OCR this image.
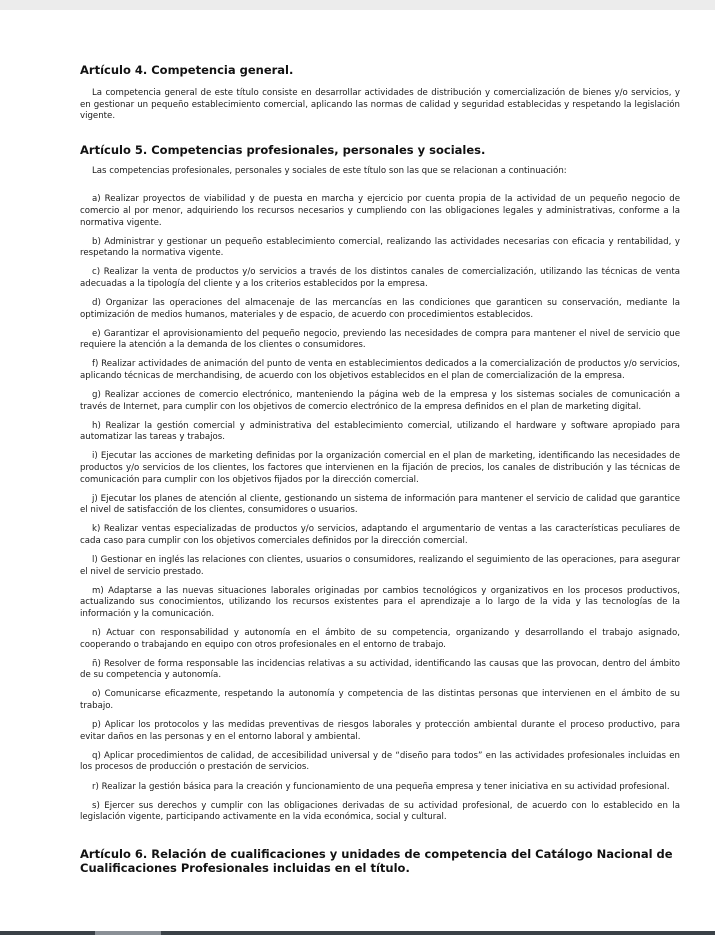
Artículo 4. Competencia general.

La competencia general de este título consiste en desarrollar actividades de distribución y comercialización de bienes y/o servicios, y en gestionar un pequeño establecimiento comercial, aplicando las normas de calidad y seguridad establecidas y respetando la legislación vigente.

Artículo 5. Competencias profesionales, personales y sociales.

Las competencias profesionales, personales y sociales de este título son las que se relacionan a continuación:

a) Realizar proyectos de viabilidad y de puesta en marcha y ejercicio por cuenta propia de la actividad de un pequeño negocio de comercio al por menor, adquiriendo los recursos necesarios y cumpliendo con las obligaciones legales y administrativas, conforme a la normativa vigente.

b) Administrar y gestionar un pequeño establecimiento comercial, realizando las actividades necesarias con eficacia y rentabilidad, y respetando la normativa vigente.

c) Realizar la venta de productos y/o servicios a través de los distintos canales de comercialización, utilizando las técnicas de venta adecuadas a la tipología del cliente y a los criterios establecidos por la empresa.

d) Organizar las operaciones del almacenaje de las mercancías en las condiciones que garanticen su conservación, mediante la optimización de medios humanos, materiales y de espacio, de acuerdo con procedimientos establecidos.

e) Garantizar el aprovisionamiento del pequeño negocio, previendo las necesidades de compra para mantener el nivel de servicio que requiere la atención a la demanda de los clientes o consumidores.

f) Realizar actividades de animación del punto de venta en establecimientos dedicados a la comercialización de productos y/o servicios, aplicando técnicas de merchandising, de acuerdo con los objetivos establecidos en el plan de comercialización de la empresa.

g) Realizar acciones de comercio electrónico, manteniendo la página web de la empresa y los sistemas sociales de comunicación a través de Internet, para cumplir con los objetivos de comercio electrónico de la empresa definidos en el plan de marketing digital.

h) Realizar la gestión comercial y administrativa del establecimiento comercial, utilizando el hardware y software apropiado para automatizar las tareas y trabajos.

i) Ejecutar las acciones de marketing definidas por la organización comercial en el plan de marketing, identificando las necesidades de productos y/o servicios de los clientes, los factores que intervienen en la fijación de precios, los canales de distribución y las técnicas de comunicación para cumplir con los objetivos fijados por la dirección comercial.

j) Ejecutar los planes de atención al cliente, gestionando un sistema de información para mantener el servicio de calidad que garantice el nivel de satisfacción de los clientes, consumidores o usuarios.

k) Realizar ventas especializadas de productos y/o servicios, adaptando el argumentario de ventas a las características peculiares de cada caso para cumplir con los objetivos comerciales definidos por la dirección comercial.

l) Gestionar en inglés las relaciones con clientes, usuarios o consumidores, realizando el seguimiento de las operaciones, para asegurar el nivel de servicio prestado.

m) Adaptarse a las nuevas situaciones laborales originadas por cambios tecnológicos y organizativos en los procesos productivos, actualizando sus conocimientos, utilizando los recursos existentes para el aprendizaje a lo largo de la vida y las tecnologías de la información y la comunicación.

n) Actuar con responsabilidad y autonomía en el ámbito de su competencia, organizando y desarrollando el trabajo asignado, cooperando o trabajando en equipo con otros profesionales en el entorno de trabajo.

ñ) Resolver de forma responsable las incidencias relativas a su actividad, identificando las causas que las provocan, dentro del ámbito de su competencia y autonomía.

o) Comunicarse eficazmente, respetando la autonomía y competencia de las distintas personas que intervienen en el ámbito de su trabajo.

p) Aplicar los protocolos y las medidas preventivas de riesgos laborales y protección ambiental durante el proceso productivo, para evitar daños en las personas y en el entorno laboral y ambiental.

q) Aplicar procedimientos de calidad, de accesibilidad universal y de “diseño para todos” en las actividades profesionales incluidas en los procesos de producción o prestación de servicios.

r) Realizar la gestión básica para la creación y funcionamiento de una pequeña empresa y tener iniciativa en su actividad profesional.

s) Ejercer sus derechos y cumplir con las obligaciones derivadas de su actividad profesional, de acuerdo con lo establecido en la legislación vigente, participando activamente en la vida económica, social y cultural.

Artículo 6. Relación de cualificaciones y unidades de competencia del Catálogo Nacional de Cualificaciones Profesionales incluidas en el título.
